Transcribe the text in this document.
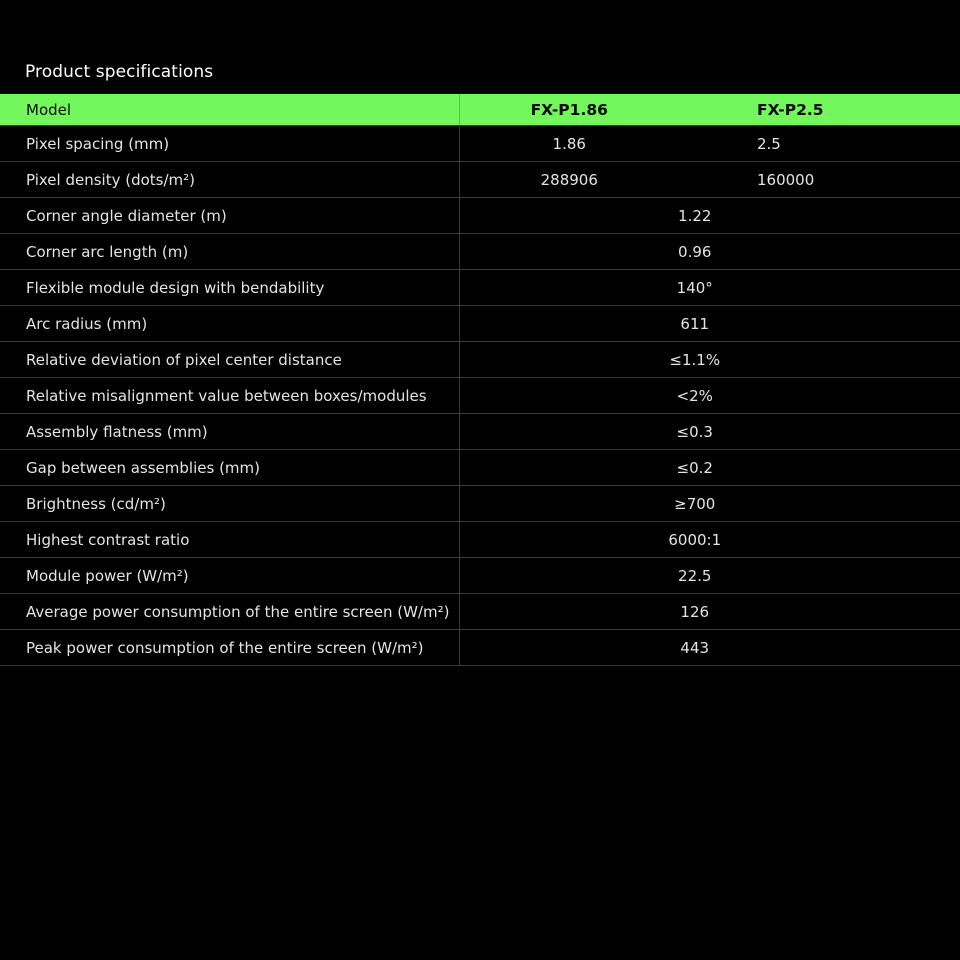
Product specifications
Model	FX-P1.86	FX-P2.5
Pixel spacing (mm)	1.86	2.5
Pixel density (dots/m²)	288906	160000
Corner angle diameter (m)	1.22	
Corner arc length (m)	0.96	
Flexible module design with bendability	140°	
Arc radius (mm)	611	
Relative deviation of pixel center distance	≤1.1%	
Relative misalignment value between boxes/modules	<2%	
Assembly flatness (mm)	≤0.3	
Gap between assemblies (mm)	≤0.2	
Brightness (cd/m²)	≥700	
Highest contrast ratio	6000:1	
Module power (W/m²)	22.5	
Average power consumption of the entire screen (W/m²)	126	
Peak power consumption of the entire screen (W/m²)	443	
